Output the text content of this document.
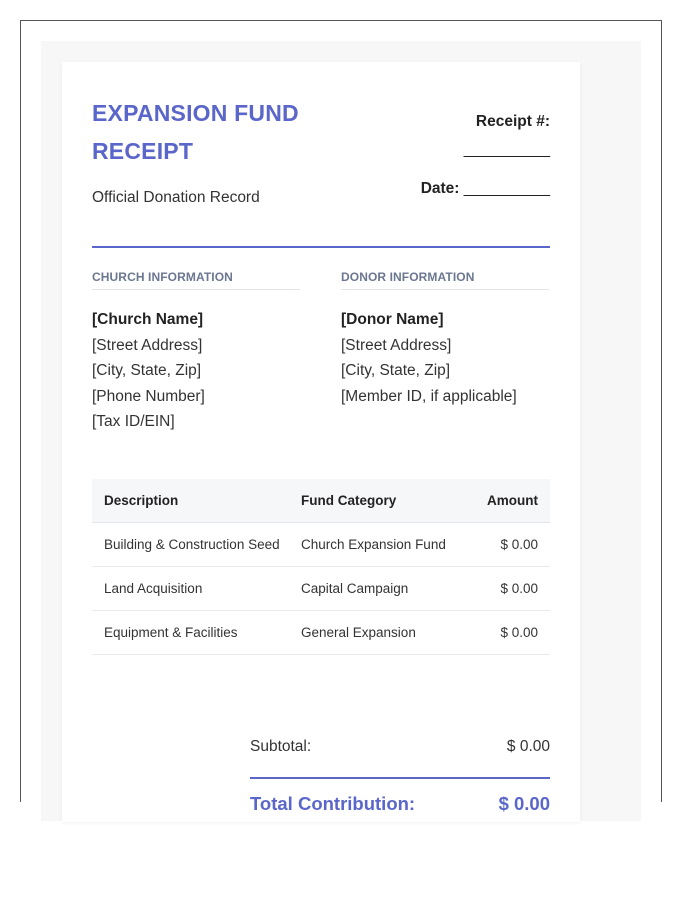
EXPANSION FUND RECEIPT
Official Donation Record
Receipt #:
__________
Date: __________
CHURCH INFORMATION
[Church Name]
[Street Address]
[City, State, Zip]
[Phone Number]
[Tax ID/EIN]
DONOR INFORMATION
[Donor Name]
[Street Address]
[City, State, Zip]
[Member ID, if applicable]
Description	Fund Category	Amount
Building & Construction Seed	Church Expansion Fund	$ 0.00
Land Acquisition	Capital Campaign	$ 0.00
Equipment & Facilities	General Expansion	$ 0.00
Subtotal:	$ 0.00
Total Contribution:	$ 0.00
